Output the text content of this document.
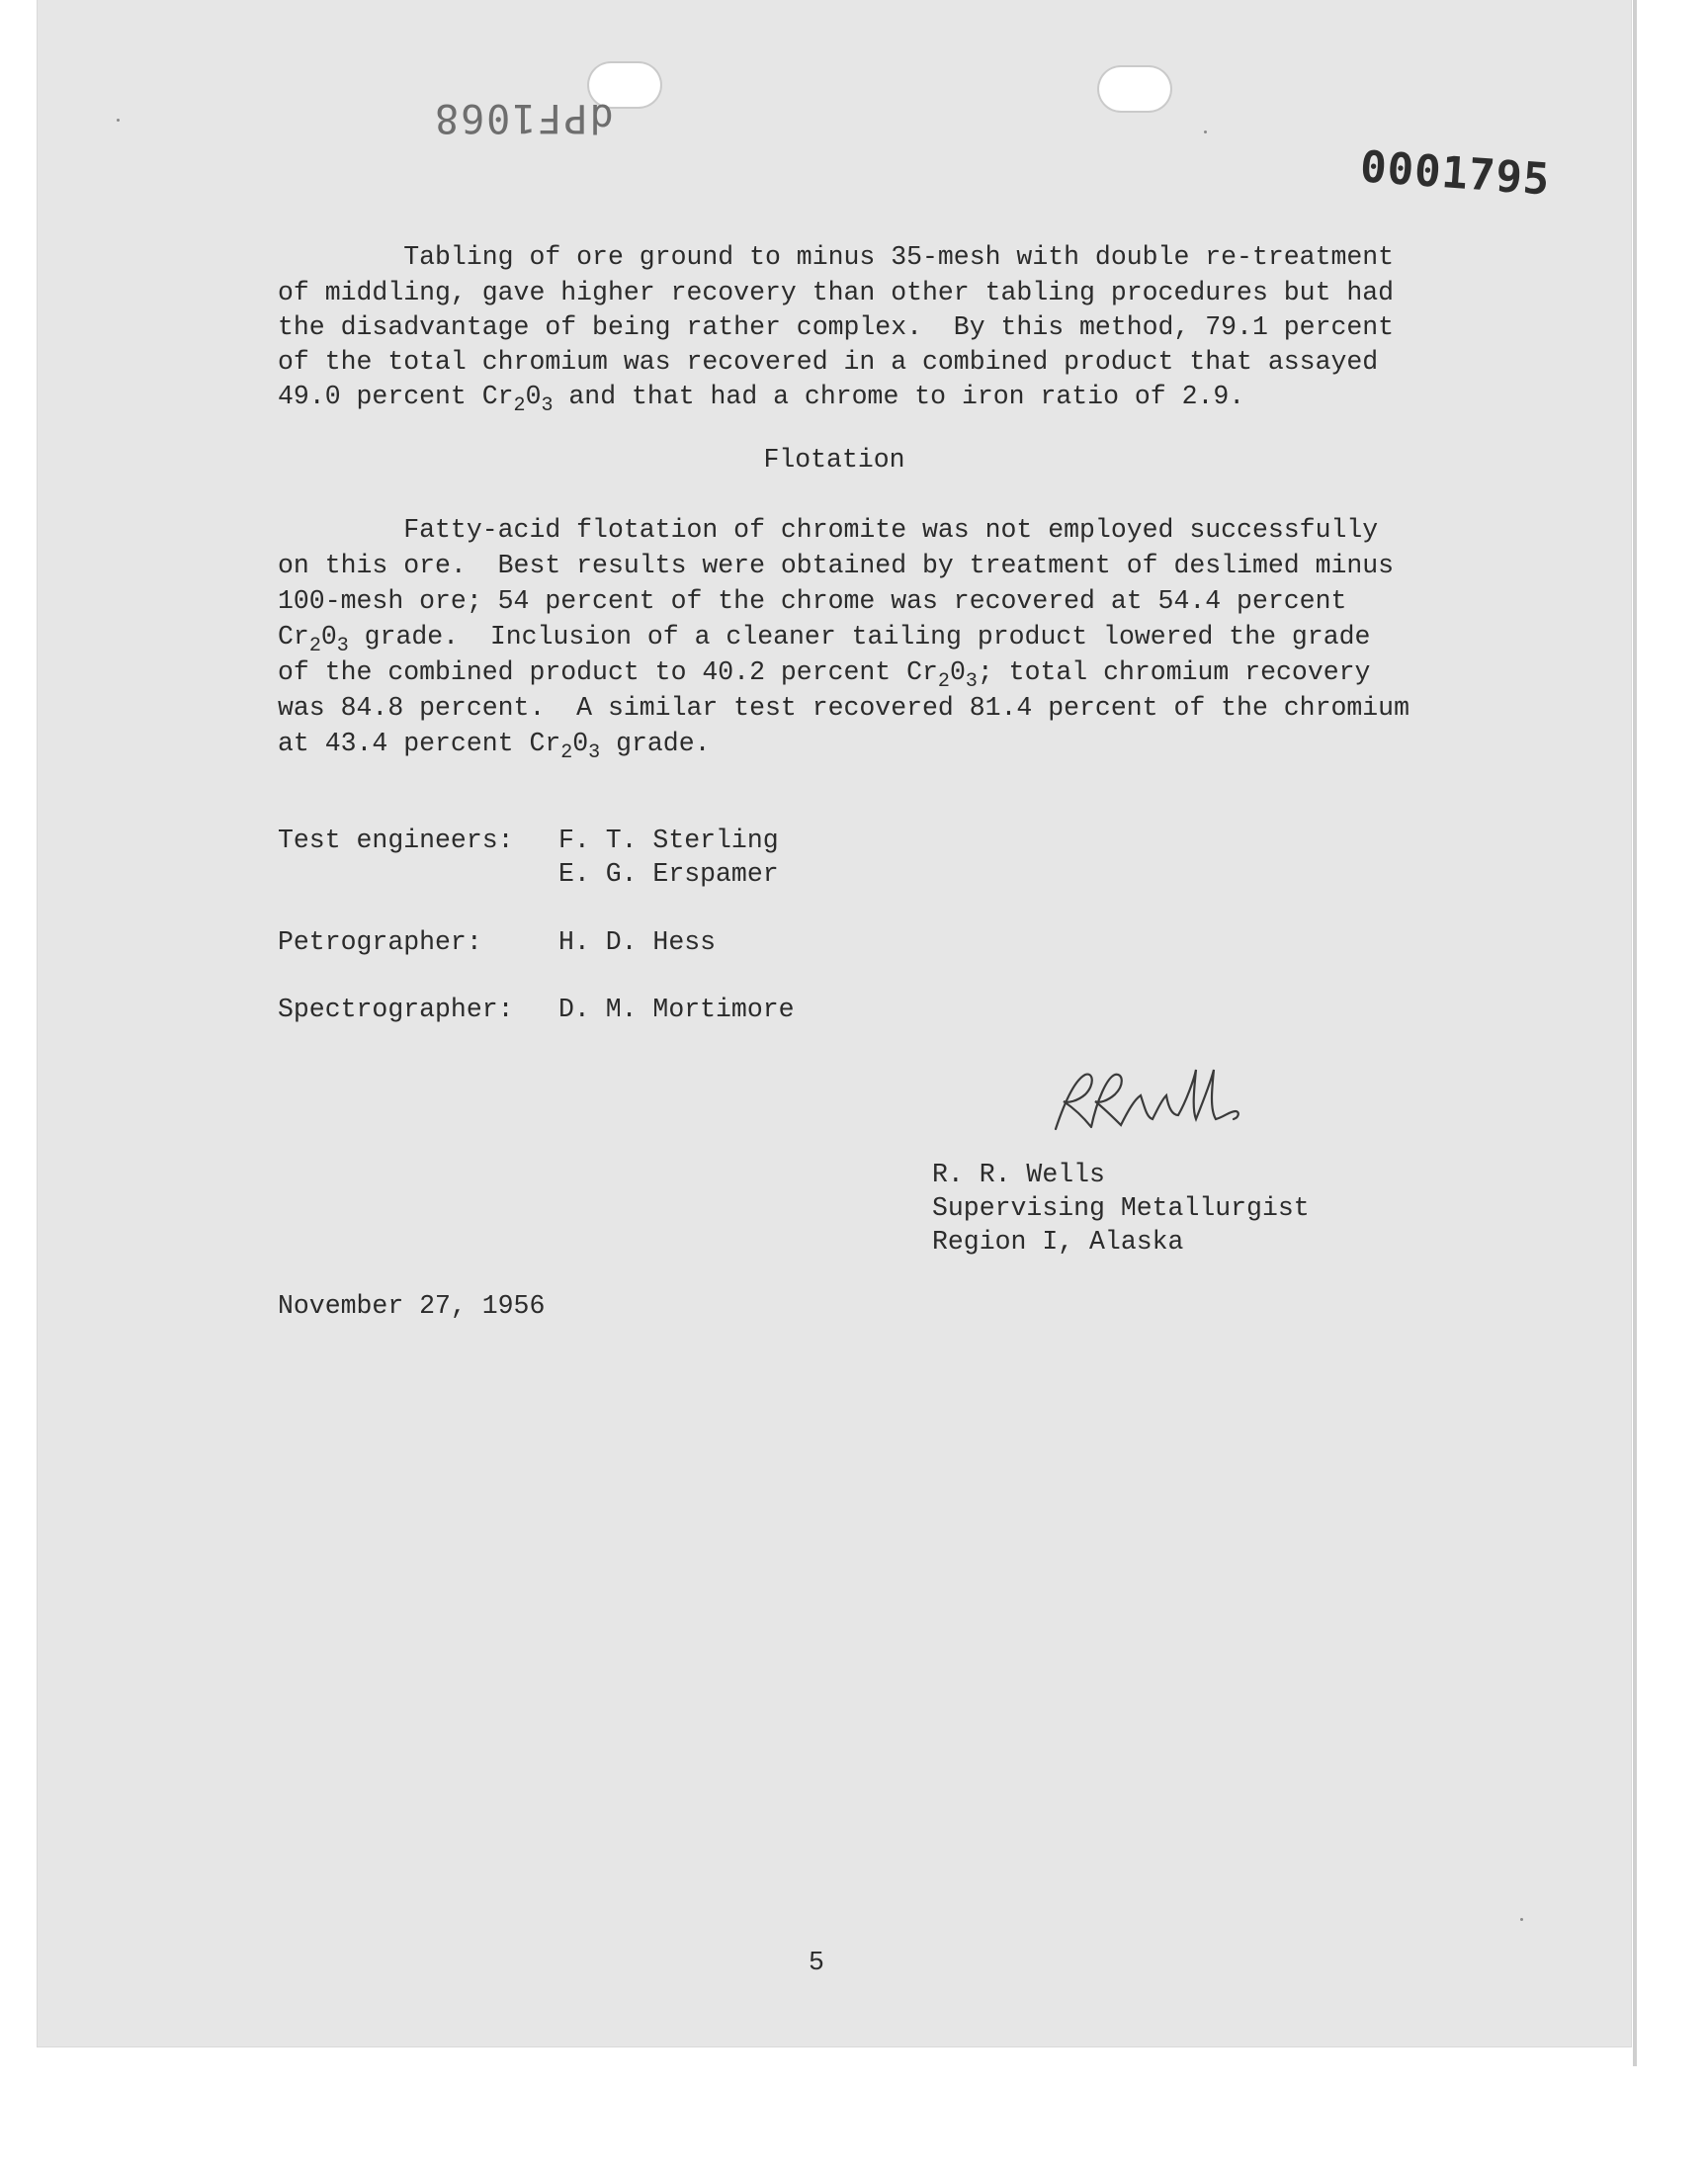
dPF1068
0001795
Tabling of ore ground to minus 35-mesh with double re-treatment
of middling, gave higher recovery than other tabling procedures but had
the disadvantage of being rather complex.  By this method, 79.1 percent
of the total chromium was recovered in a combined product that assayed
49.0 percent $Cr_20_3$ and that had a chrome to iron ratio of 2.9.
Flotation
Fatty-acid flotation of chromite was not employed successfully
on this ore.  Best results were obtained by treatment of deslimed minus
100-mesh ore; 54 percent of the chrome was recovered at 54.4 percent
$Cr_20_3$ grade.  Inclusion of a cleaner tailing product lowered the grade
of the combined product to 40.2 percent $Cr_20_3$; total chromium recovery
was 84.8 percent.  A similar test recovered 81.4 percent of the chromium
at 43.4 percent $Cr_20_3$ grade.
Test engineers: F. T. Sterling
E. G. Erspamer
Petrographer:	H. D. Hess
Spectrographer: D. M. Mortimore
R. R. Wells
Supervising Metallurgist
Region I, Alaska
November 27, 1956
5
